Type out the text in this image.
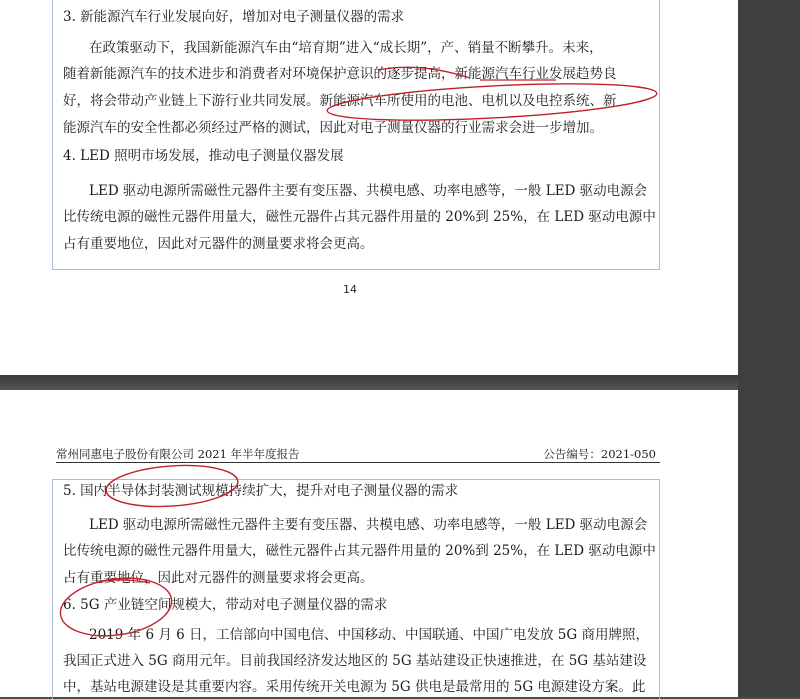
3. 新能源汽车行业发展向好，增加对电子测量仪器的需求
在政策驱动下，我国新能源汽车由“培育期”进入“成长期”，产、销量不断攀升。未来，
随着新能源汽车的技术进步和消费者对环境保护意识的逐步提高，新能源汽车行业发展趋势良
好，将会带动产业链上下游行业共同发展。新能源汽车所使用的电池、电机以及电控系统、新
能源汽车的安全性都必须经过严格的测试，因此对电子测量仪器的行业需求会进一步增加。
4. LED 照明市场发展，推动电子测量仪器发展
LED 驱动电源所需磁性元器件主要有变压器、共模电感、功率电感等，一般 LED 驱动电源会
比传统电源的磁性元器件用量大，磁性元器件占其元器件用量的 20%到 25%，在 LED 驱动电源中
占有重要地位，因此对元器件的测量要求将会更高。
14
常州同惠电子股份有限公司 2021 年半年度报告	公告编号：2021-050
5. 国内半导体封装测试规模持续扩大，提升对电子测量仪器的需求
LED 驱动电源所需磁性元器件主要有变压器、共模电感、功率电感等，一般 LED 驱动电源会
比传统电源的磁性元器件用量大，磁性元器件占其元器件用量的 20%到 25%，在 LED 驱动电源中
占有重要地位，因此对元器件的测量要求将会更高。
6. 5G 产业链空间规模大，带动对电子测量仪器的需求
2019 年 6 月 6 日，工信部向中国电信、中国移动、中国联通、中国广电发放 5G 商用牌照，
我国正式进入 5G 商用元年。目前我国经济发达地区的 5G 基站建设正快速推进，在 5G 基站建设
中，基站电源建设是其重要内容。采用传统开关电源为 5G 供电是最常用的 5G 电源建设方案。此
